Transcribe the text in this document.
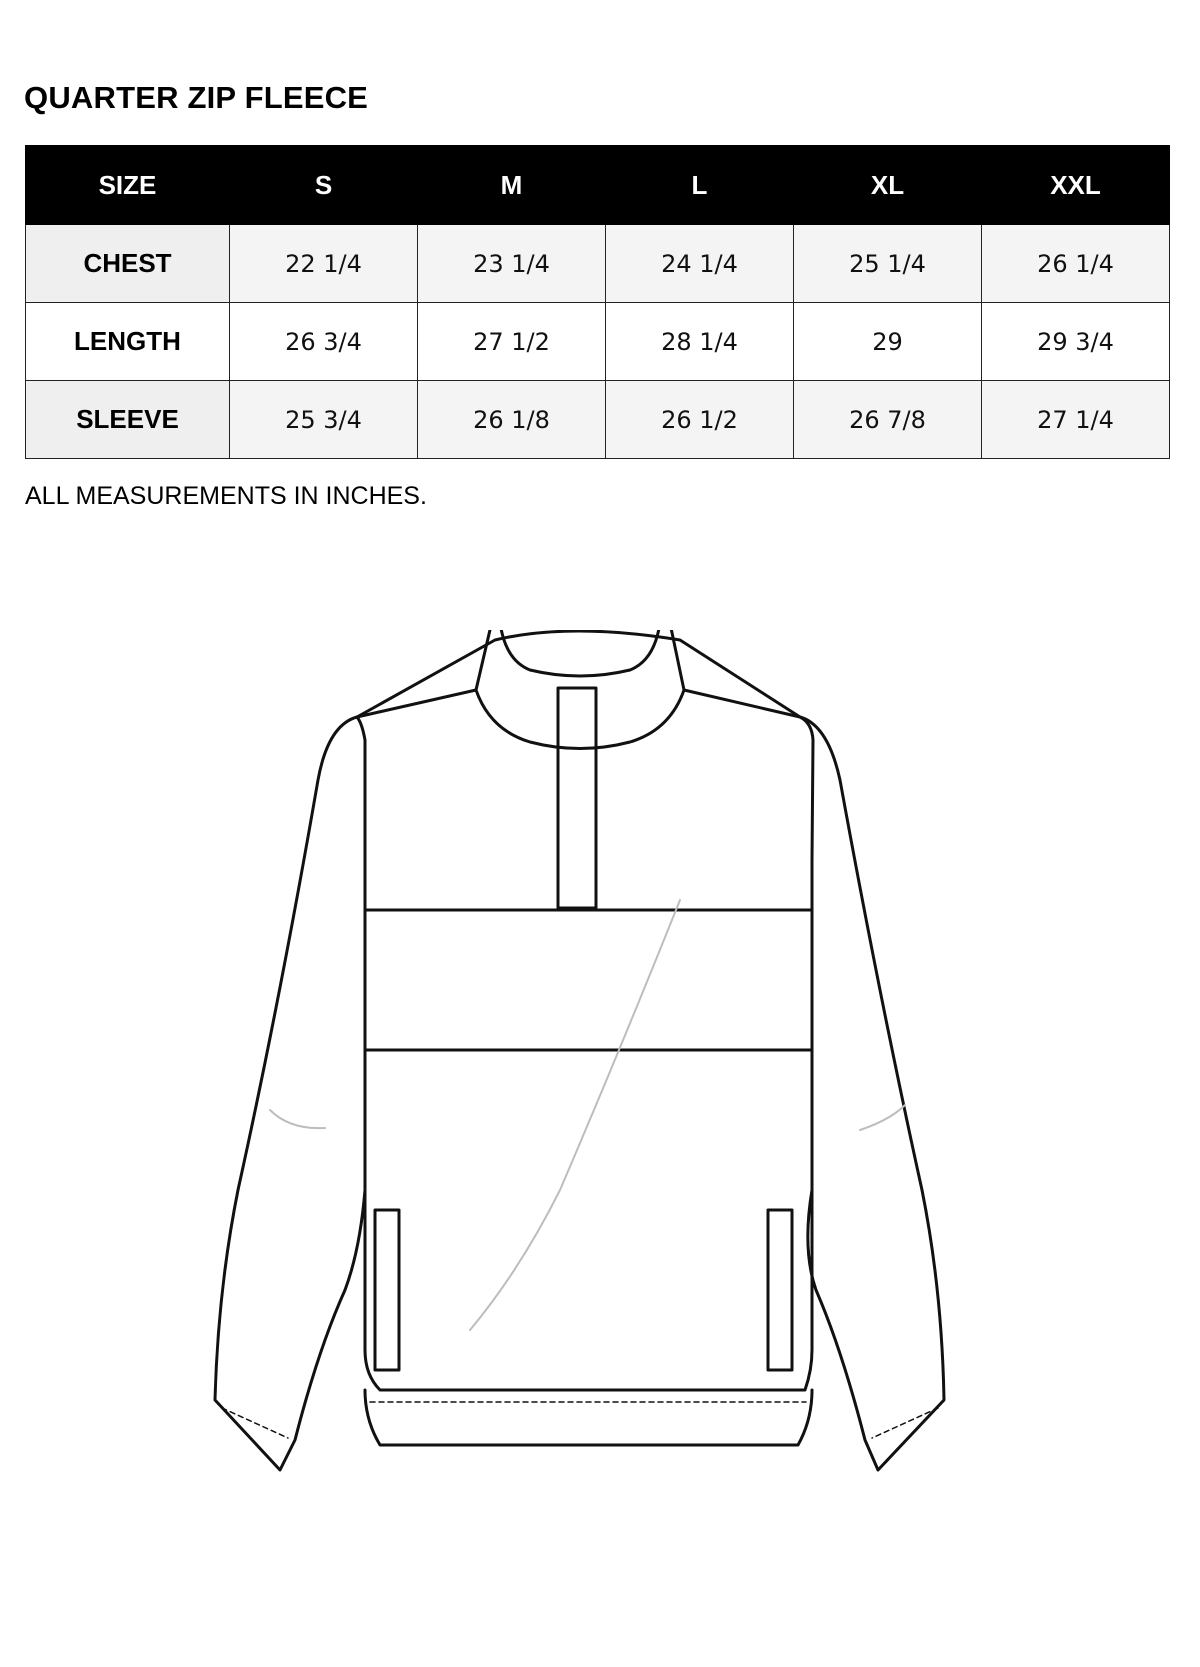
QUARTER ZIP FLEECE
SIZE	S	M	L	XL	XXL
CHEST	22 1/4	23 1/4	24 1/4	25 1/4	26 1/4
LENGTH	26 3/4	27 1/2	28 1/4	29	29 3/4
SLEEVE	25 3/4	26 1/8	26 1/2	26 7/8	27 1/4

ALL MEASUREMENTS IN INCHES.
